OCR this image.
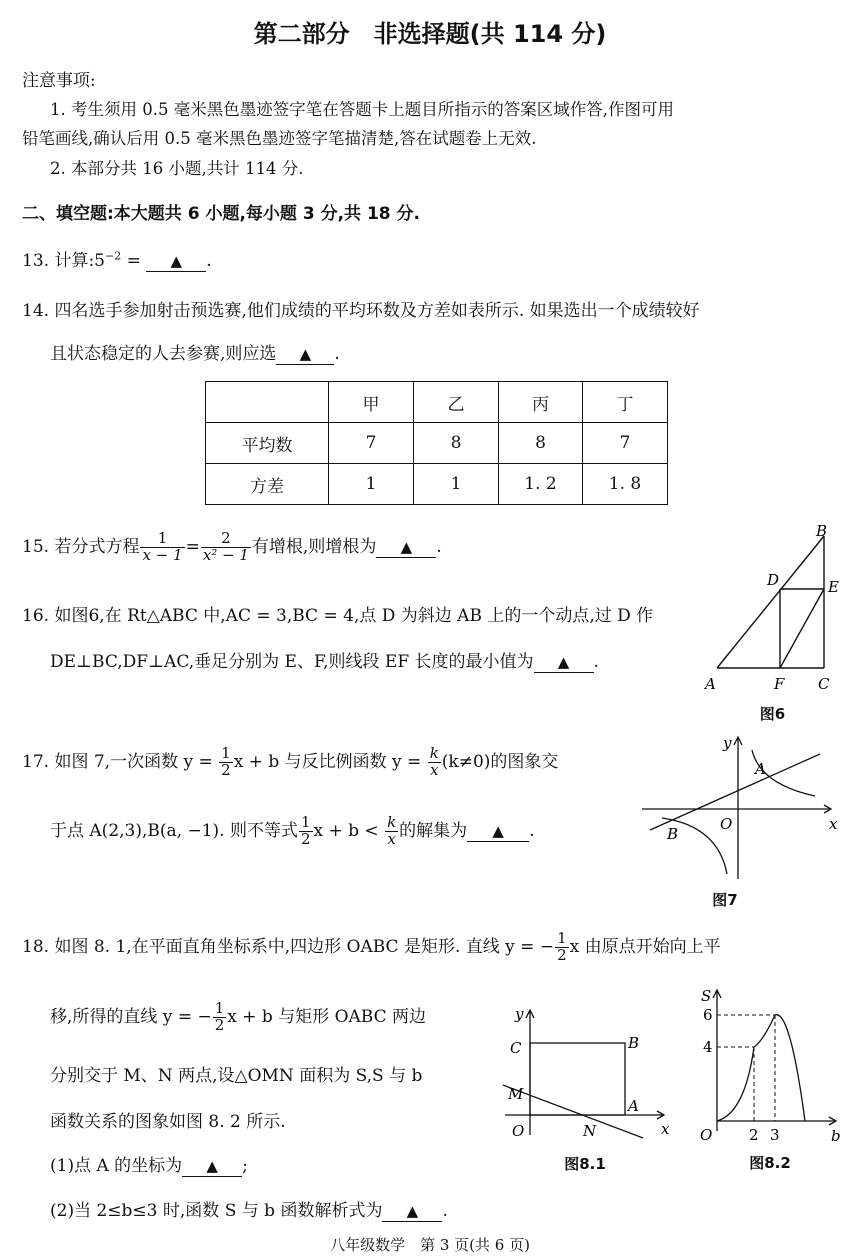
第二部分　非选择题(共 114 分)
注意事项:
1. 考生须用 0.5 毫米黑色墨迹签字笔在答题卡上题目所指示的答案区域作答,作图可用
铅笔画线,确认后用 0.5 毫米黑色墨迹签字笔描清楚,答在试题卷上无效.
2. 本部分共 16 小题,共计 114 分.
二、填空题:本大题共 6 小题,每小题 3 分,共 18 分.
13. 计算$:5^{-2}$ = ▲ .
14. 四名选手参加射击预选赛,他们成绩的平均环数及方差如表所示. 如果选出一个成绩较好
且状态稳定的人去参赛,则应选 ▲ .
	甲	乙	丙	丁
平均数	7	8	8	7
方差	1	1	1. 2	1. 8
15. 若分式方程 $\frac{1}{x - 1} = \frac{2}{\text{x² − 1}}$ 有增根,则增根为 ▲ .
16. 如图6,在 Rt△ABC 中,AC = 3,BC = 4,点 D 为斜边 AB 上的一个动点,过 D 作
DE⊥BC,DF⊥AC,垂足分别为 E、F,则线段 EF 长度的最小值为 ▲ .
B
D	E
A	F C
图6
17. 如图 7,一次函数 $y = \frac{1}{2}$ x + b 与反比例函数 $y = \frac{k}{x} (k\ne 0)$的图象交
于点 A(2,3),B(a, −1). 则不等式 $\frac{1}{2}$ $x + b < \frac{k}{x}$ 的解集为 ▲ .
y
x
O
A
B
图7
18. 如图 8. 1,在平面直角坐标系中,四边形 OABC 是矩形. 直线 y = − $\frac{1}{2}$ x 由原点开始向上平
移,所得的直线 y = − $\frac{1}{2}$ x + b 与矩形 OABC 两边
分别交于 M、N 两点,设△OMN 面积为 S,S 与 b
函数关系的图象如图 8. 2 所示.
(1)点 A 的坐标为 ▲ ;
(2)当 2≤b≤3 时,函数 S 与 b 函数解析式为 ▲ .
y
x
O
A
B
C
M
N
图8.1
S
b
O
6
4
2 3
图8.2
八年级数学　第 3 页(共 6 页)
